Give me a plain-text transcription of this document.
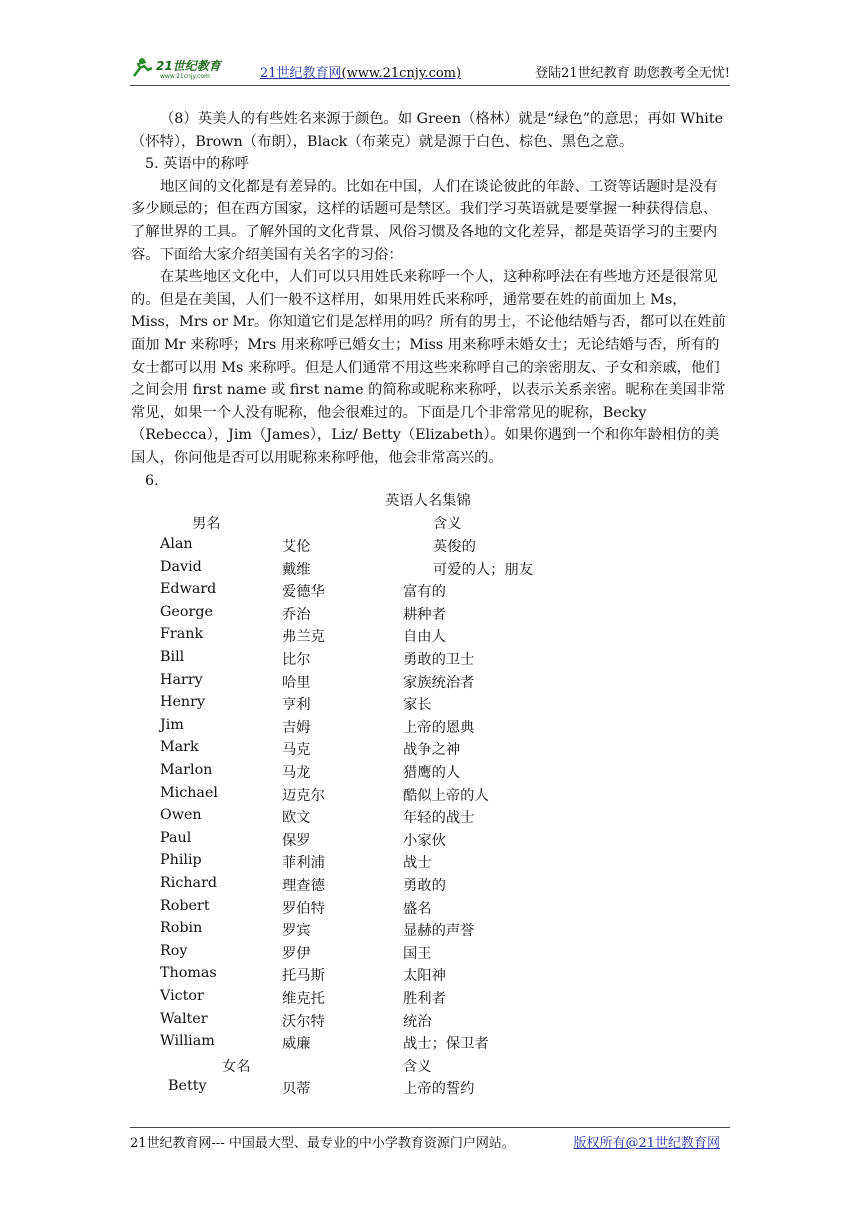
21世纪教育
www.21cnjy.com	21世纪教育网(www.21cnjy.com)	登陆21世纪教育 助您教考全无忧!

（8）英美人的有些姓名来源于颜色。如 Green（格林）就是“绿色”的意思；再如 White（怀特），Brown（布朗），Black（布莱克）就是源于白色、棕色、黑色之意。

5. 英语中的称呼

地区间的文化都是有差异的。比如在中国，人们在谈论彼此的年龄、工资等话题时是没有多少顾忌的；但在西方国家，这样的话题可是禁区。我们学习英语就是要掌握一种获得信息、了解世界的工具。了解外国的文化背景、风俗习惯及各地的文化差异，都是英语学习的主要内容。下面给大家介绍美国有关名字的习俗：

在某些地区文化中，人们可以只用姓氏来称呼一个人，这种称呼法在有些地方还是很常见的。但是在美国，人们一般不这样用，如果用姓氏来称呼，通常要在姓的前面加上 Ms，Miss，Mrs or Mr。你知道它们是怎样用的吗？所有的男士，不论他结婚与否，都可以在姓前面加 Mr 来称呼；Mrs 用来称呼已婚女士；Miss 用来称呼未婚女士；无论结婚与否，所有的女士都可以用 Ms 来称呼。但是人们通常不用这些来称呼自己的亲密朋友、子女和亲戚，他们之间会用 first name 或 first name 的简称或昵称来称呼，以表示关系亲密。昵称在美国非常常见，如果一个人没有昵称，他会很难过的。下面是几个非常常见的昵称，Becky（Rebecca），Jim（James），Liz/ Betty（Elizabeth）。如果你遇到一个和你年龄相仿的美国人，你问他是否可以用昵称来称呼他，他会非常高兴的。

6.

英语人名集锦
男名	含义
Alan	艾伦	英俊的
David	戴维	可爱的人；朋友
Edward	爱德华	富有的
George	乔治	耕种者
Frank	弗兰克	自由人
Bill	比尔	勇敢的卫士
Harry	哈里	家族统治者
Henry	亨利	家长
Jim	吉姆	上帝的恩典
Mark	马克	战争之神
Marlon	马龙	猎鹰的人
Michael	迈克尔	酷似上帝的人
Owen	欧文	年轻的战士
Paul	保罗	小家伙
Philip	菲利浦	战士
Richard	理查德	勇敢的
Robert	罗伯特	盛名
Robin	罗宾	显赫的声誉
Roy	罗伊	国王
Thomas	托马斯	太阳神
Victor	维克托	胜利者
Walter	沃尔特	统治
William	威廉	战士；保卫者
女名	含义
Betty	贝蒂	上帝的誓约
21世纪教育网--- 中国最大型、最专业的中小学教育资源门户网站。	版权所有@21世纪教育网
